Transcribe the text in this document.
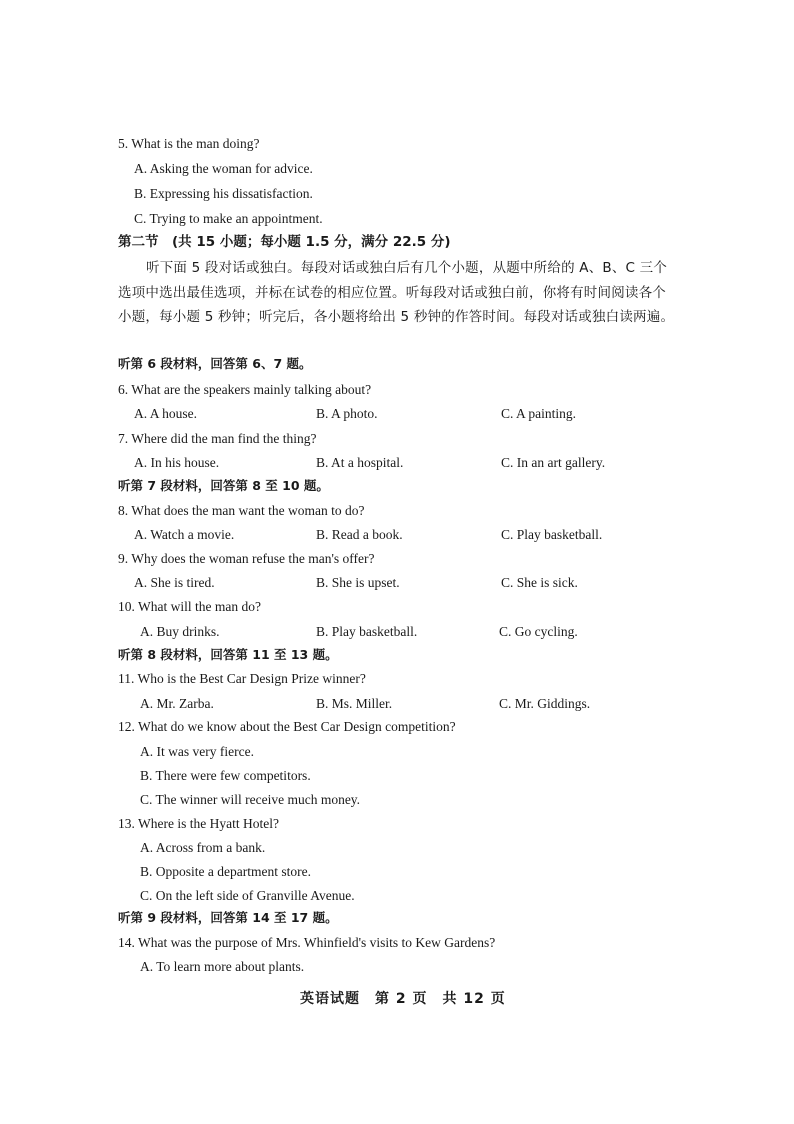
5. What is the man doing?
A. Asking the woman for advice.
B. Expressing his dissatisfaction.
C. Trying to make an appointment.
第二节　(共 15 小题；每小题 1.5 分，满分 22.5 分)
听下面 5 段对话或独白。每段对话或独白后有几个小题，从题中所给的 A、B、C 三个选项中选出最佳选项，并标在试卷的相应位置。听每段对话或独白前，你将有时间阅读各个小题，每小题 5 秒钟；听完后，各小题将给出 5 秒钟的作答时间。每段对话或独白读两遍。
听第 6 段材料，回答第 6、7 题。
6. What are the speakers mainly talking about?
A. A house.	B. A photo.	C. A painting.
7. Where did the man find the thing?
A. In his house.	B. At a hospital.	C. In an art gallery.
听第 7 段材料，回答第 8 至 10 题。
8. What does the man want the woman to do?
A. Watch a movie.	B. Read a book.	C. Play basketball.
9. Why does the woman refuse the man's offer?
A. She is tired.	B. She is upset.	C. She is sick.
10. What will the man do?
A. Buy drinks.	B. Play basketball.	C. Go cycling.
听第 8 段材料，回答第 11 至 13 题。
11. Who is the Best Car Design Prize winner?
A. Mr. Zarba.	B. Ms. Miller.	C. Mr. Giddings.
12. What do we know about the Best Car Design competition?
A. It was very fierce.
B. There were few competitors.
C. The winner will receive much money.
13. Where is the Hyatt Hotel?
A. Across from a bank.
B. Opposite a department store.
C. On the left side of Granville Avenue.
听第 9 段材料，回答第 14 至 17 题。
14. What was the purpose of Mrs. Whinfield's visits to Kew Gardens?
A. To learn more about plants.
英语试题　第 2 页　共 12 页
